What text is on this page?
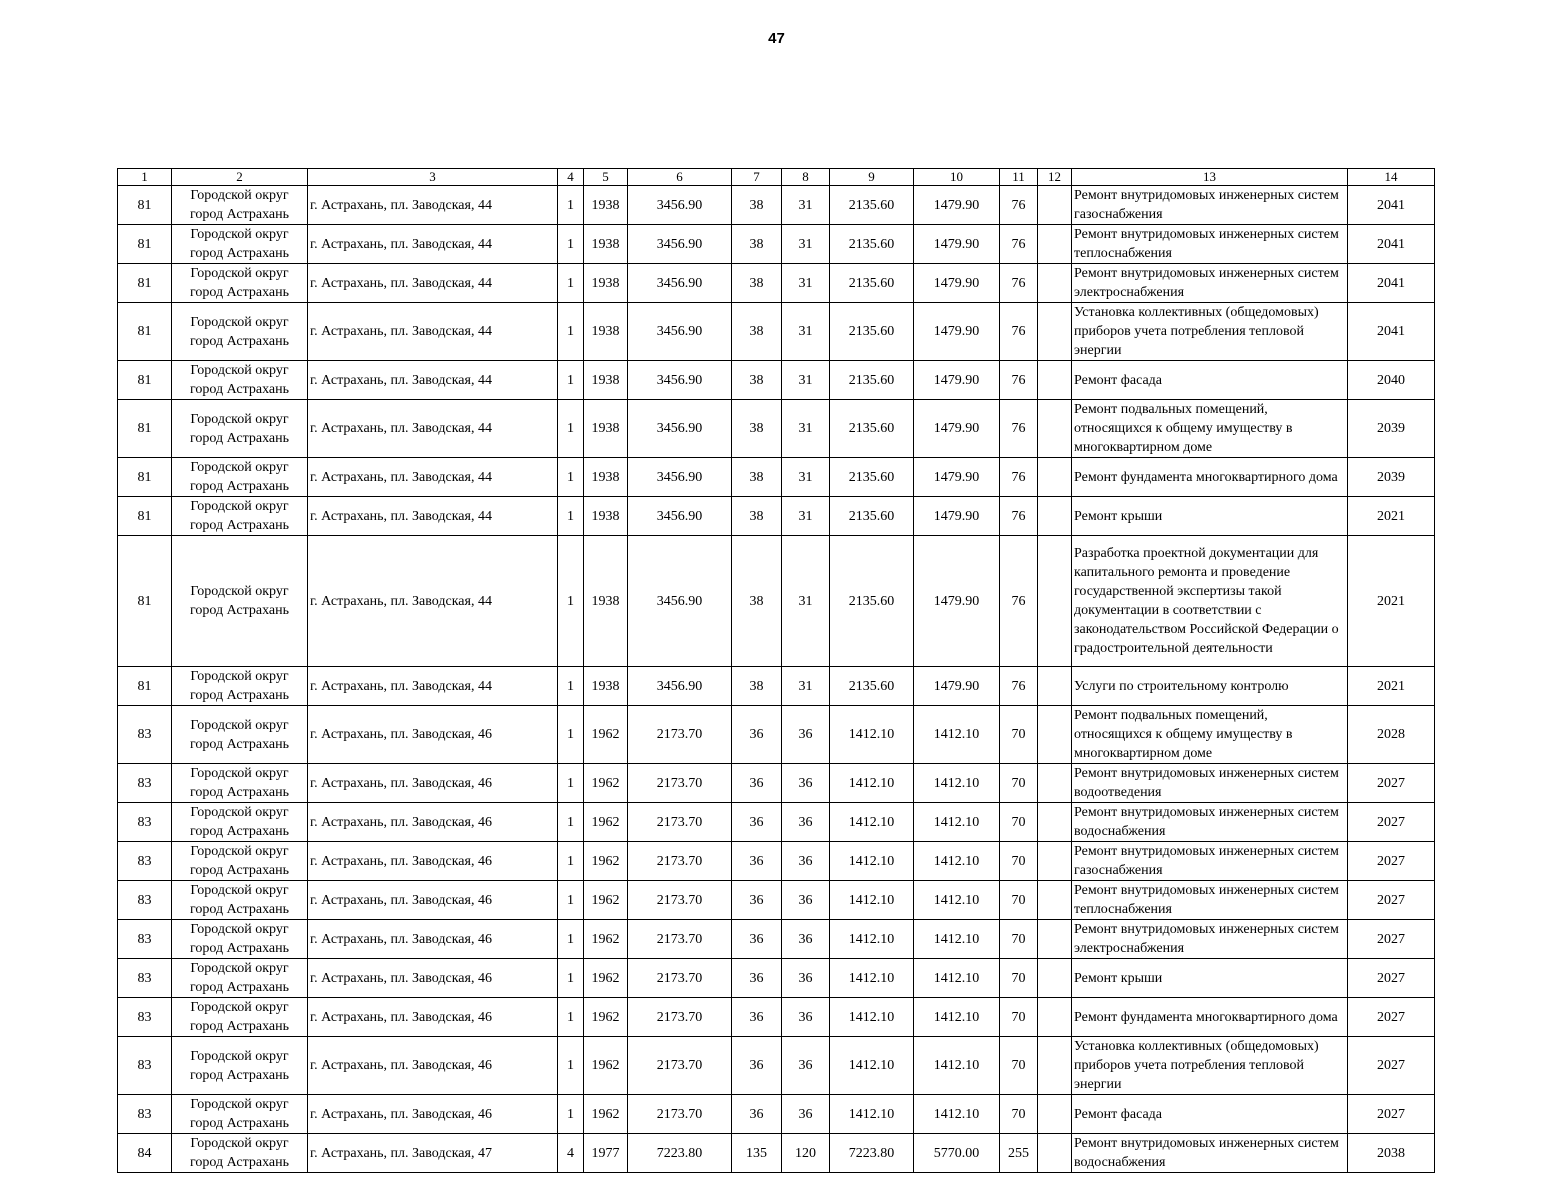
47
1	2	3	4	5	6	7	8	9	10	11	12	13	14
81	Городской округ город Астрахань	г. Астрахань, пл. Заводская, 44	1	1938	3456.90	38	31	2135.60	1479.90	76		Ремонт внутридомовых инженерных систем газоснабжения	2041
81	Городской округ город Астрахань	г. Астрахань, пл. Заводская, 44	1	1938	3456.90	38	31	2135.60	1479.90	76		Ремонт внутридомовых инженерных систем теплоснабжения	2041
81	Городской округ город Астрахань	г. Астрахань, пл. Заводская, 44	1	1938	3456.90	38	31	2135.60	1479.90	76		Ремонт внутридомовых инженерных систем электроснабжения	2041
81	Городской округ город Астрахань	г. Астрахань, пл. Заводская, 44	1	1938	3456.90	38	31	2135.60	1479.90	76		Установка коллективных (общедомовых) приборов учета потребления тепловой энергии	2041
81	Городской округ город Астрахань	г. Астрахань, пл. Заводская, 44	1	1938	3456.90	38	31	2135.60	1479.90	76		Ремонт фасада	2040
81	Городской округ город Астрахань	г. Астрахань, пл. Заводская, 44	1	1938	3456.90	38	31	2135.60	1479.90	76		Ремонт подвальных помещений, относящихся к общему имуществу в многоквартирном доме	2039
81	Городской округ город Астрахань	г. Астрахань, пл. Заводская, 44	1	1938	3456.90	38	31	2135.60	1479.90	76		Ремонт фундамента многоквартирного дома	2039
81	Городской округ город Астрахань	г. Астрахань, пл. Заводская, 44	1	1938	3456.90	38	31	2135.60	1479.90	76		Ремонт крыши	2021
81	Городской округ город Астрахань	г. Астрахань, пл. Заводская, 44	1	1938	3456.90	38	31	2135.60	1479.90	76		Разработка проектной документации для капитального ремонта и проведение государственной экспертизы такой документации в соответствии с законодательством Российской Федерации о градостроительной деятельности	2021
81	Городской округ город Астрахань	г. Астрахань, пл. Заводская, 44	1	1938	3456.90	38	31	2135.60	1479.90	76		Услуги по строительному контролю	2021
83	Городской округ город Астрахань	г. Астрахань, пл. Заводская, 46	1	1962	2173.70	36	36	1412.10	1412.10	70		Ремонт подвальных помещений, относящихся к общему имуществу в многоквартирном доме	2028
83	Городской округ город Астрахань	г. Астрахань, пл. Заводская, 46	1	1962	2173.70	36	36	1412.10	1412.10	70		Ремонт внутридомовых инженерных систем водоотведения	2027
83	Городской округ город Астрахань	г. Астрахань, пл. Заводская, 46	1	1962	2173.70	36	36	1412.10	1412.10	70		Ремонт внутридомовых инженерных систем водоснабжения	2027
83	Городской округ город Астрахань	г. Астрахань, пл. Заводская, 46	1	1962	2173.70	36	36	1412.10	1412.10	70		Ремонт внутридомовых инженерных систем газоснабжения	2027
83	Городской округ город Астрахань	г. Астрахань, пл. Заводская, 46	1	1962	2173.70	36	36	1412.10	1412.10	70		Ремонт внутридомовых инженерных систем теплоснабжения	2027
83	Городской округ город Астрахань	г. Астрахань, пл. Заводская, 46	1	1962	2173.70	36	36	1412.10	1412.10	70		Ремонт внутридомовых инженерных систем электроснабжения	2027
83	Городской округ город Астрахань	г. Астрахань, пл. Заводская, 46	1	1962	2173.70	36	36	1412.10	1412.10	70		Ремонт крыши	2027
83	Городской округ город Астрахань	г. Астрахань, пл. Заводская, 46	1	1962	2173.70	36	36	1412.10	1412.10	70		Ремонт фундамента многоквартирного дома	2027
83	Городской округ город Астрахань	г. Астрахань, пл. Заводская, 46	1	1962	2173.70	36	36	1412.10	1412.10	70		Установка коллективных (общедомовых) приборов учета потребления тепловой энергии	2027
83	Городской округ город Астрахань	г. Астрахань, пл. Заводская, 46	1	1962	2173.70	36	36	1412.10	1412.10	70		Ремонт фасада	2027
84	Городской округ город Астрахань	г. Астрахань, пл. Заводская, 47	4	1977	7223.80	135	120	7223.80	5770.00	255		Ремонт внутридомовых инженерных систем водоснабжения	2038
